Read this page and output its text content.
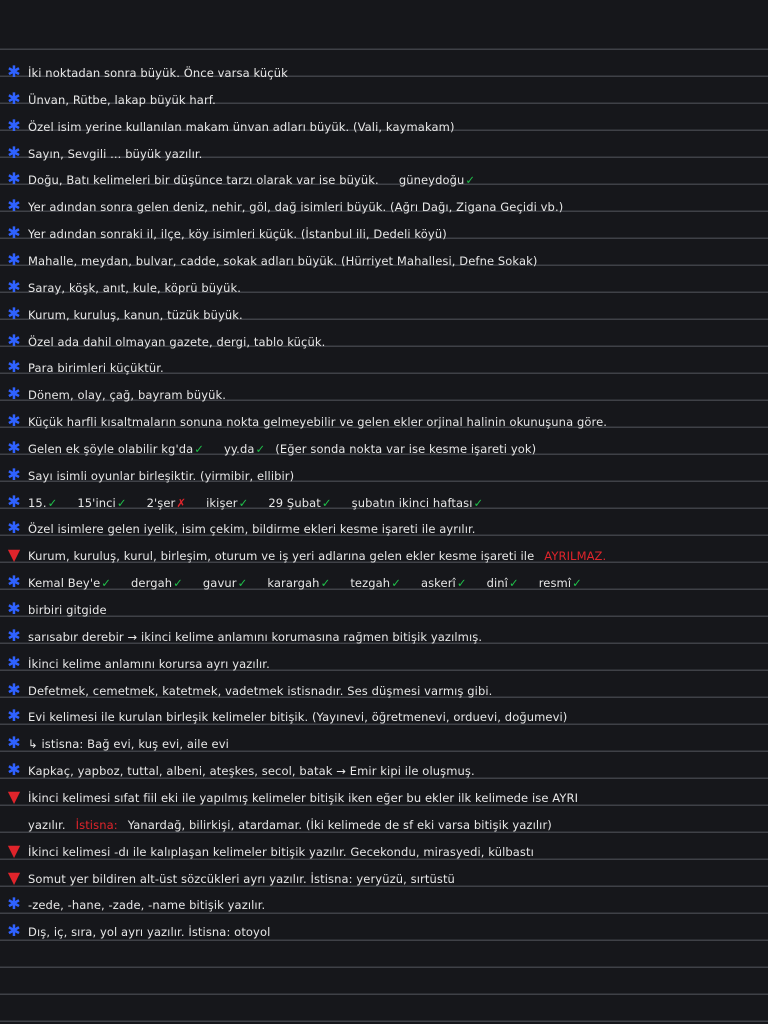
✱ İki noktadan sonra büyük. Önce varsa küçük
✱ Ünvan, Rütbe, lakap büyük harf.
✱ Özel isim yerine kullanılan makam ünvan adları büyük. (Vali, kaymakam)
✱ Sayın, Sevgili ... büyük yazılır.
✱ Doğu, Batı kelimeleri bir düşünce tarzı olarak var ise büyük. güneydoğu✓
✱ Yer adından sonra gelen deniz, nehir, göl, dağ isimleri büyük. (Ağrı Dağı, Zigana Geçidi vb.)
✱ Yer adından sonraki il, ilçe, köy isimleri küçük. (İstanbul ili, Dedeli köyü)
✱ Mahalle, meydan, bulvar, cadde, sokak adları büyük. (Hürriyet Mahallesi, Defne Sokak)
✱ Saray, köşk, anıt, kule, köprü büyük.
✱ Kurum, kuruluş, kanun, tüzük büyük.
✱ Özel ada dahil olmayan gazete, dergi, tablo küçük.
✱ Para birimleri küçüktür.
✱ Dönem, olay, çağ, bayram büyük.
✱ Küçük harfli kısaltmaların sonuna nokta gelmeyebilir ve gelen ekler orjinal halinin okunuşuna göre.
✱ Gelen ek şöyle olabilir kg'da✓ yy.da✓ (Eğer sonda nokta var ise kesme işareti yok)
✱ Sayı isimli oyunlar birleşiktir. (yirmibir, ellibir)
✱ 15.✓ 15'inci✓ 2'şer✗ ikişer✓ 29 Şubat✓ şubatın ikinci haftası✓
✱ Özel isimlere gelen iyelik, isim çekim, bildirme ekleri kesme işareti ile ayrılır.
▼ Kurum, kuruluş, kurul, birleşim, oturum ve iş yeri adlarına gelen ekler kesme işareti ile AYRILMAZ.
✱ Kemal Bey'e✓ dergah✓ gavur✓ karargah✓ tezgah✓ askerî✓ dinî✓ resmî✓
✱ birbiri gitgide
✱ sarısabır derebir → ikinci kelime anlamını korumasına rağmen bitişik yazılmış.
✱ İkinci kelime anlamını korursa ayrı yazılır.
✱ Defetmek, cemetmek, katetmek, vadetmek istisnadır. Ses düşmesi varmış gibi.
✱ Evi kelimesi ile kurulan birleşik kelimeler bitişik. (Yayınevi, öğretmenevi, orduevi, doğumevi)
✱ ↳ istisna: Bağ evi, kuş evi, aile evi
✱ Kapkaç, yapboz, tuttal, albeni, ateşkes, secol, batak → Emir kipi ile oluşmuş.
▼ İkinci kelimesi sıfat fiil eki ile yapılmış kelimeler bitişik iken eğer bu ekler ilk kelimede ise AYRI
yazılır. İstisna: Yanardağ, bilirkişi, atardamar. (İki kelimede de sf eki varsa bitişik yazılır)
▼ İkinci kelimesi -dı ile kalıplaşan kelimeler bitişik yazılır. Gecekondu, mirasyedi, külbastı
▼ Somut yer bildiren alt-üst sözcükleri ayrı yazılır. İstisna: yeryüzü, sırtüstü
✱ -zede, -hane, -zade, -name bitişik yazılır.
✱ Dış, iç, sıra, yol ayrı yazılır. İstisna: otoyol
